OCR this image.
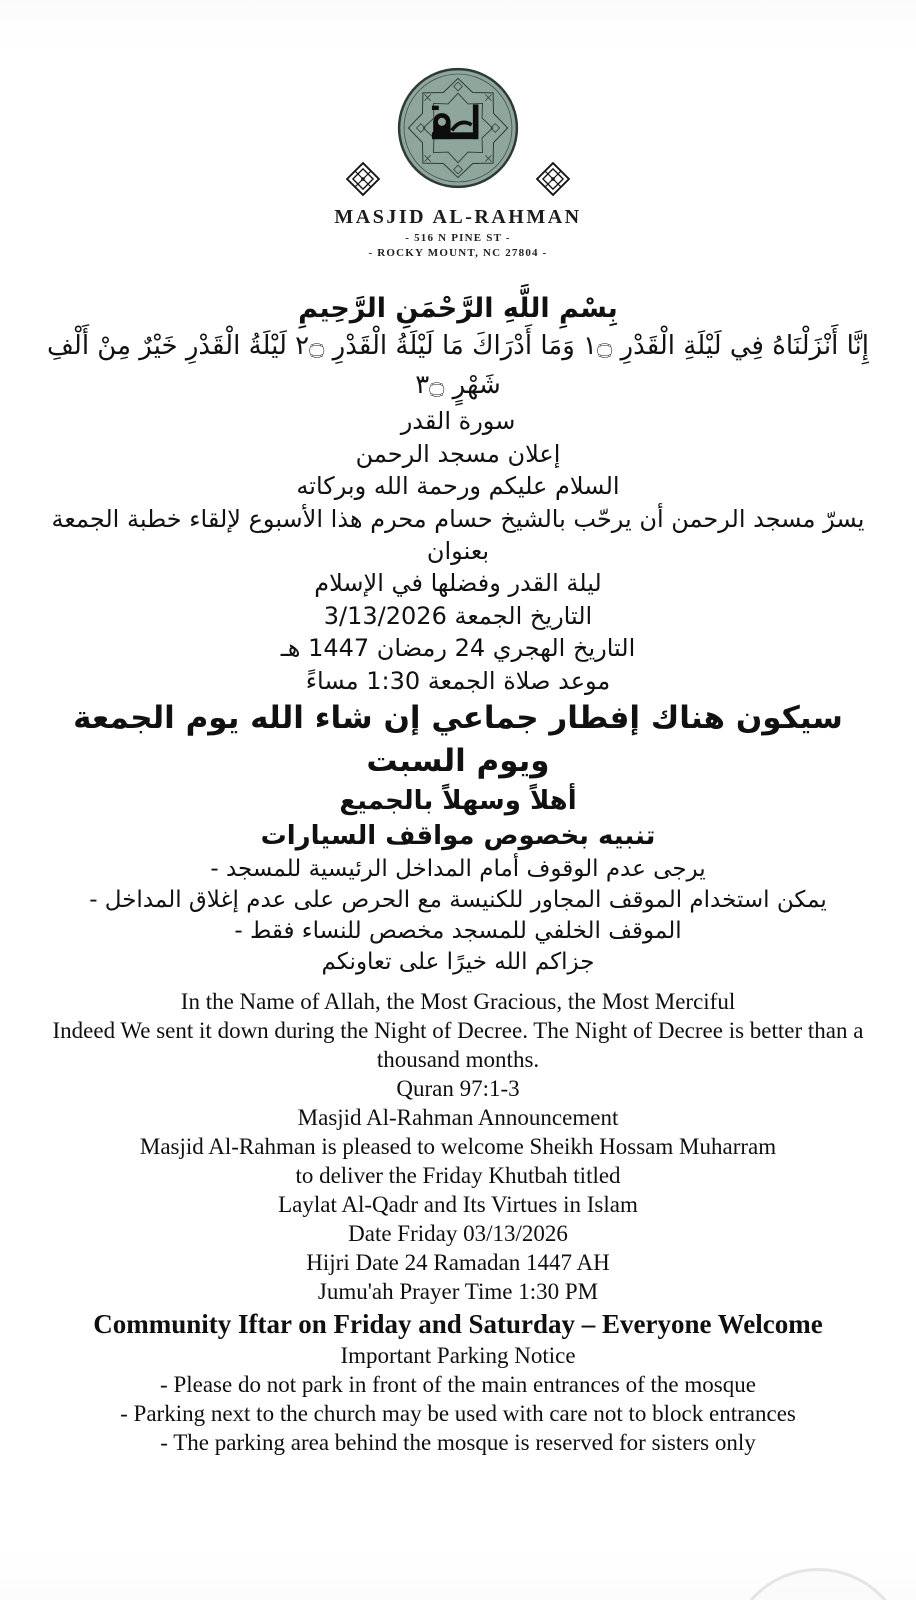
MASJID AL-RAHMAN
- 516 N PINE ST -
- ROCKY MOUNT, NC 27804 -

بِسْمِ اللَّهِ الرَّحْمَنِ الرَّحِيمِ

إِنَّا أَنْزَلْنَاهُ فِي لَيْلَةِ الْقَدْرِ ١۝ وَمَا أَدْرَاكَ مَا لَيْلَةُ الْقَدْرِ ٢۝ لَيْلَةُ الْقَدْرِ خَيْرٌ مِنْ أَلْفِ شَهْرٍ ٣۝

سورة القدر

إعلان مسجد الرحمن

السلام عليكم ورحمة الله وبركاته

يسرّ مسجد الرحمن أن يرحّب بالشيخ حسام محرم هذا الأسبوع لإلقاء خطبة الجمعة بعنوان

ليلة القدر وفضلها في الإسلام

التاريخ الجمعة 3/13/2026

التاريخ الهجري 24 رمضان 1447 هـ

موعد صلاة الجمعة 1:30 مساءً

سيكون هناك إفطار جماعي إن شاء الله يوم الجمعة

ويوم السبت

أهلاً وسهلاً بالجميع

تنبيه بخصوص مواقف السيارات

يرجى عدم الوقوف أمام المداخل الرئيسية للمسجد -

يمكن استخدام الموقف المجاور للكنيسة مع الحرص على عدم إغلاق المداخل -

الموقف الخلفي للمسجد مخصص للنساء فقط -

جزاكم الله خيرًا على تعاونكم

In the Name of Allah, the Most Gracious, the Most Merciful

Indeed We sent it down during the Night of Decree. The Night of Decree is better than a thousand months.

Quran 97:1-3

Masjid Al-Rahman Announcement

Masjid Al-Rahman is pleased to welcome Sheikh Hossam Muharram

to deliver the Friday Khutbah titled

Laylat Al-Qadr and Its Virtues in Islam

Date Friday 03/13/2026

Hijri Date 24 Ramadan 1447 AH

Jumu'ah Prayer Time 1:30 PM

Community Iftar on Friday and Saturday – Everyone Welcome

Important Parking Notice

- Please do not park in front of the main entrances of the mosque

- Parking next to the church may be used with care not to block entrances

- The parking area behind the mosque is reserved for sisters only
